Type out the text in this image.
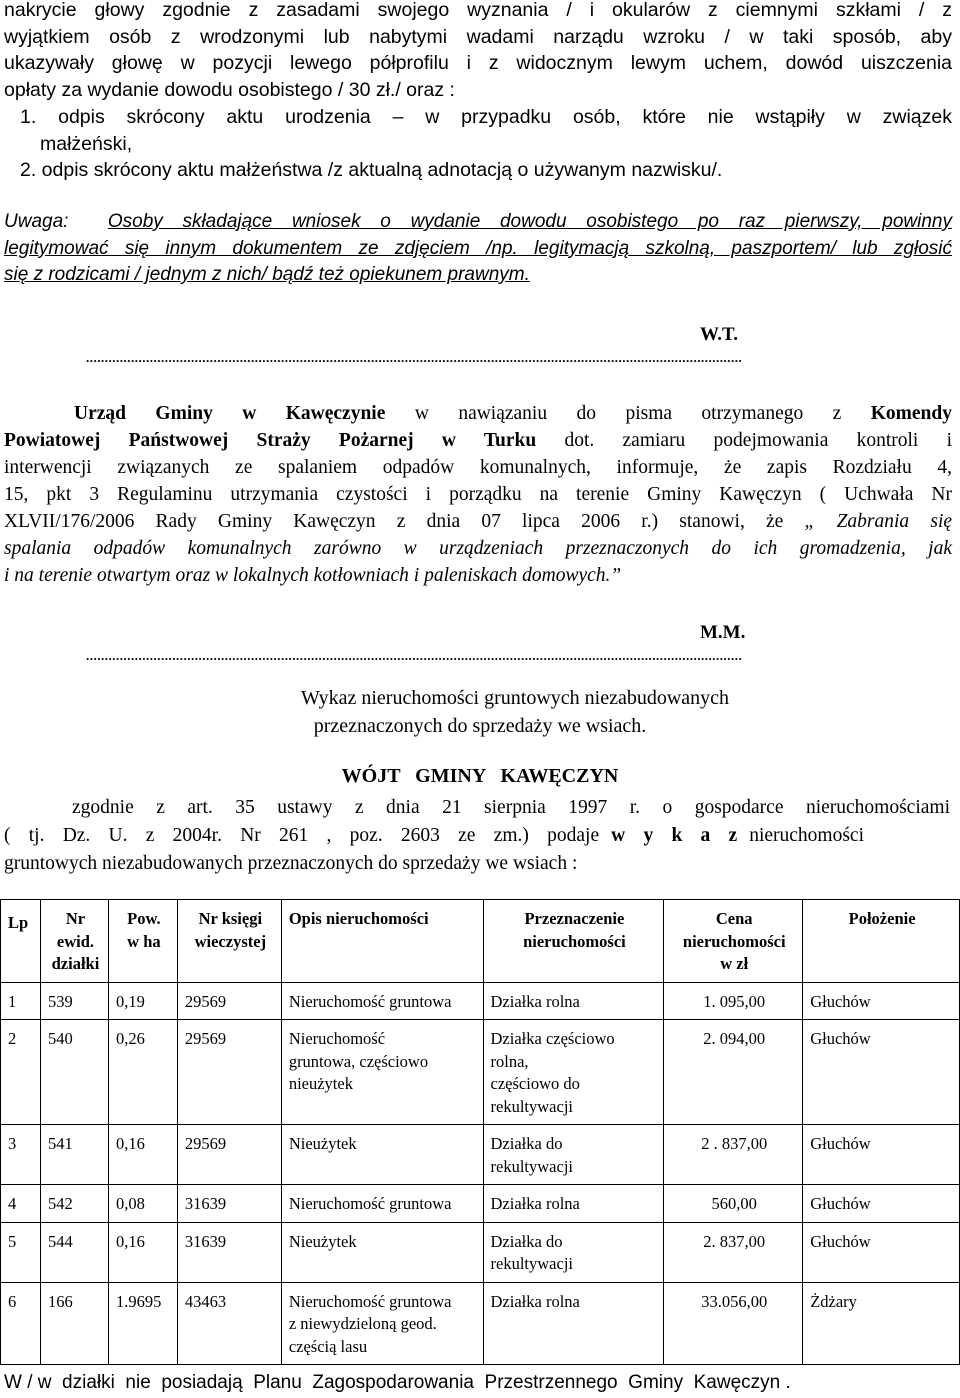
nakrycie głowy zgodnie z zasadami swojego wyznania / i okularów z ciemnymi szkłami / z
wyjątkiem osób z wrodzonymi lub nabytymi wadami narządu wzroku / w taki sposób, aby
ukazywały głowę w pozycji lewego półprofilu i z widocznym lewym uchem, dowód uiszczenia
opłaty za wydanie dowodu osobistego / 30 zł./ oraz :
1. odpis skrócony aktu urodzenia – w przypadku osób, które nie wstąpiły w związek
małżeński,
2. odpis skrócony aktu małżeństwa /z aktualną adnotacją o używanym nazwisku/.
Uwaga: Osoby składające wniosek o wydanie dowodu osobistego po raz pierwszy, powinny
legitymować się innym dokumentem ze zdjęciem /np. legitymacją szkolną, paszportem/ lub zgłosić
się z rodzicami / jednym z nich/ bądź też opiekunem prawnym.
W.T.
...............................................................................................................................................................................
Urząd Gminy w Kawęczynie w nawiązaniu do pisma otrzymanego z Komendy
Powiatowej Państwowej Straży Pożarnej w Turku dot. zamiaru podejmowania kontroli i
interwencji związanych ze spalaniem odpadów komunalnych, informuje, że zapis Rozdziału 4,
15, pkt 3 Regulaminu utrzymania czystości i porządku na terenie Gminy Kawęczyn ( Uchwała Nr
XLVII/176/2006 Rady Gminy Kawęczyn z dnia 07 lipca 2006 r.) stanowi, że „ Zabrania się
spalania odpadów komunalnych zarówno w urządzeniach przeznaczonych do ich gromadzenia, jak
i na terenie otwartym oraz w lokalnych kotłowniach i paleniskach domowych.”
M.M.
...............................................................................................................................................................................
Wykaz nieruchomości gruntowych niezabudowanych
przeznaczonych do sprzedaży we wsiach.
WÓJT   GMINY   KAWĘCZYN
zgodnie z art. 35 ustawy z dnia 21 sierpnia 1997 r. o gospodarce nieruchomościami
( tj. Dz. U. z 2004r. Nr 261 , poz. 2603 ze zm.) podaje w y k a z nieruchomości
gruntowych niezabudowanych przeznaczonych do sprzedaży we wsiach :
Lp	Nr
ewid.
działki	Pow.
w ha	Nr księgi
wieczystej	Opis nieruchomości	Przeznaczenie
nieruchomości	Cena
nieruchomości
w zł	Położenie
1	539	0,19	29569	Nieruchomość gruntowa	Działka rolna	1. 095,00	Głuchów
2	540	0,26	29569	Nieruchomość
gruntowa, częściowo
nieużytek	Działka częściowo
rolna,
częściowo do
rekultywacji	2. 094,00	Głuchów
3	541	0,16	29569	Nieużytek	Działka do
rekultywacji	2 . 837,00	Głuchów
4	542	0,08	31639	Nieruchomość gruntowa	Działka rolna	560,00	Głuchów
5	544	0,16	31639	Nieużytek	Działka do
rekultywacji	2. 837,00	Głuchów
6	166	1.9695	43463	Nieruchomość gruntowa
z niewydzieloną geod.
częścią lasu	Działka rolna	33.056,00	Żdżary
W / w  działki  nie  posiadają  Planu  Zagospodarowania  Przestrzennego  Gminy  Kawęczyn .
